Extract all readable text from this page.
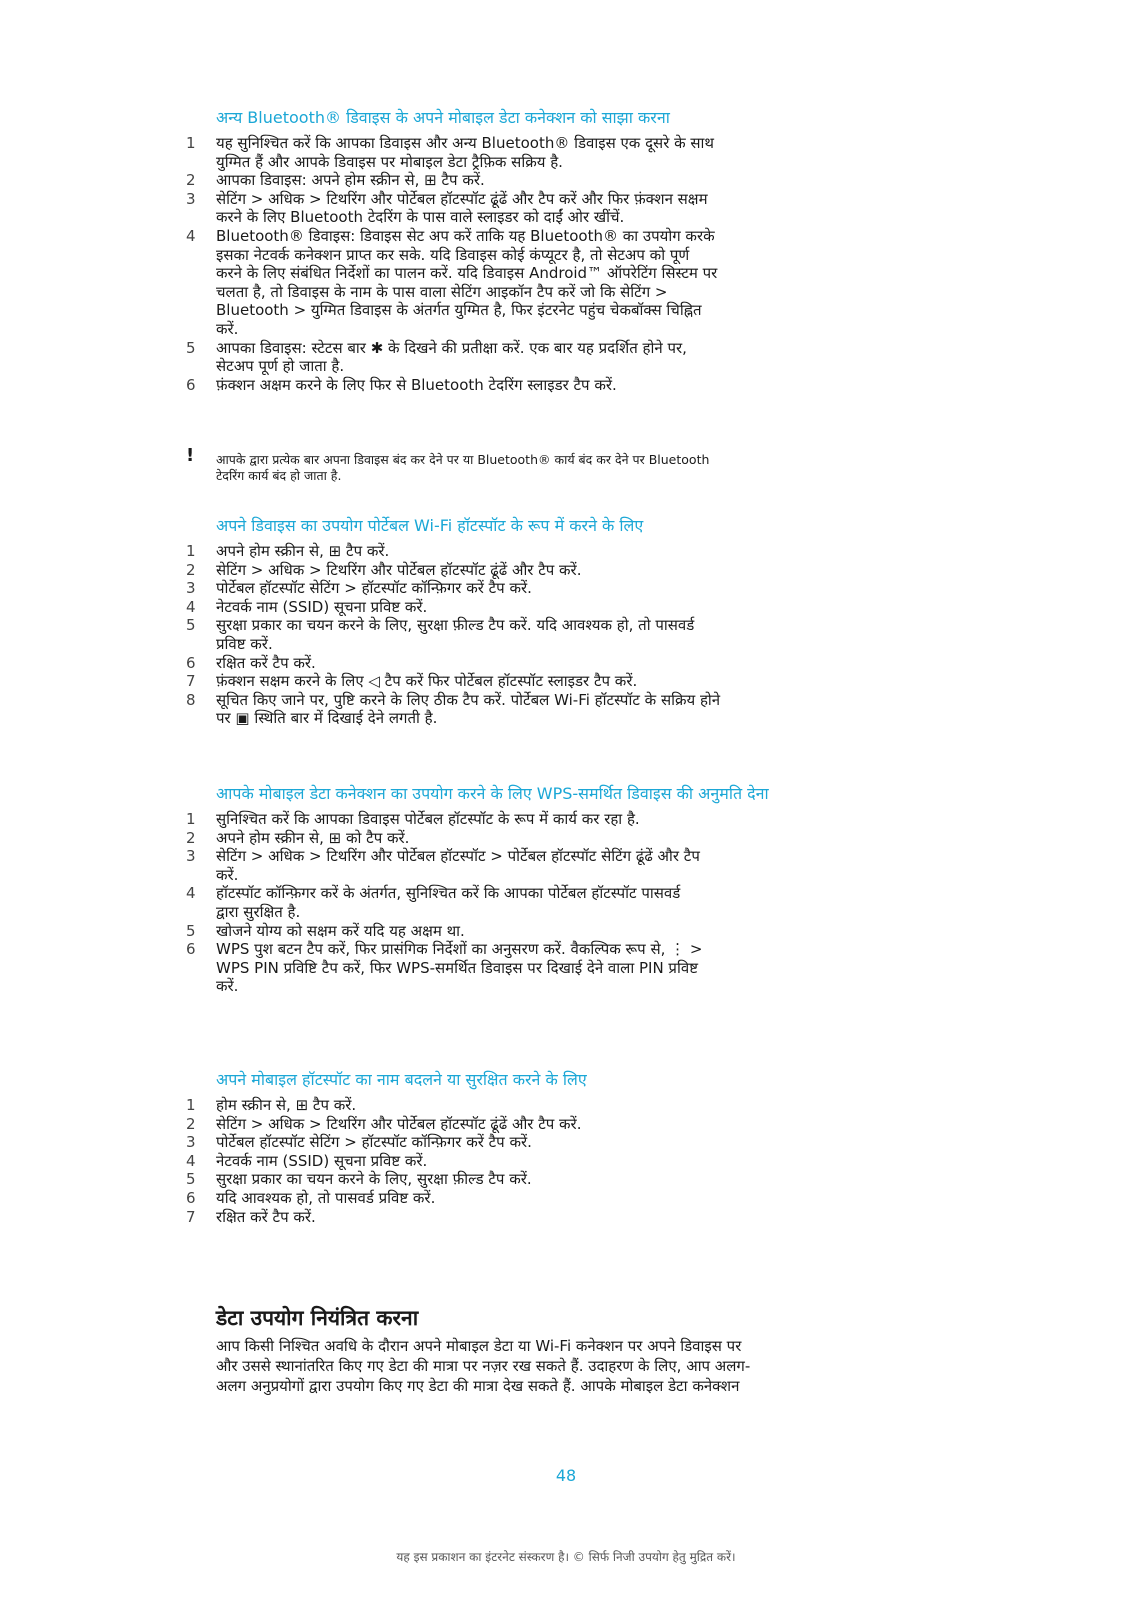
अन्य Bluetooth® डिवाइस के अपने मोबाइल डेटा कनेक्शन को साझा करना
1	यह सुनिश्चित करें कि आपका डिवाइस और अन्य Bluetooth® डिवाइस एक दूसरे के साथ
युग्मित हैं और आपके डिवाइस पर मोबाइल डेटा ट्रैफ़िक सक्रिय है.
2	आपका डिवाइस: अपने होम स्क्रीन से, ⊞ टैप करें.
3	सेटिंग > अधिक > टिथरिंग और पोर्टेबल हॉटस्पॉट ढूंढें और टैप करें और फिर फ़ंक्शन सक्षम
करने के लिए Bluetooth टेदरिंग के पास वाले स्लाइडर को दाईं ओर खींचें.
4	Bluetooth® डिवाइस: डिवाइस सेट अप करें ताकि यह Bluetooth® का उपयोग करके
इसका नेटवर्क कनेक्शन प्राप्त कर सके. यदि डिवाइस कोई कंप्यूटर है, तो सेटअप को पूर्ण
करने के लिए संबंधित निर्देशों का पालन करें. यदि डिवाइस Android™ ऑपरेटिंग सिस्टम पर
चलता है, तो डिवाइस के नाम के पास वाला सेटिंग आइकॉन टैप करें जो कि सेटिंग >
Bluetooth > युग्मित डिवाइस के अंतर्गत युग्मित है, फिर इंटरनेट पहुंच चेकबॉक्स चिह्नित
करें.
5	आपका डिवाइस: स्टेटस बार ✱ के दिखने की प्रतीक्षा करें. एक बार यह प्रदर्शित होने पर,
सेटअप पूर्ण हो जाता है.
6	फ़ंक्शन अक्षम करने के लिए फिर से Bluetooth टेदरिंग स्लाइडर टैप करें.
! आपके द्वारा प्रत्येक बार अपना डिवाइस बंद कर देने पर या Bluetooth® कार्य बंद कर देने पर Bluetooth
टेदरिंग कार्य बंद हो जाता है.
अपने डिवाइस का उपयोग पोर्टेबल Wi-Fi हॉटस्पॉट के रूप में करने के लिए
1	अपने होम स्क्रीन से, ⊞ टैप करें.
2	सेटिंग > अधिक > टिथरिंग और पोर्टेबल हॉटस्पॉट ढूंढें और टैप करें.
3	पोर्टेबल हॉटस्पॉट सेटिंग > हॉटस्पॉट कॉन्फ़िगर करें टैप करें.
4	नेटवर्क नाम (SSID) सूचना प्रविष्ट करें.
5	सुरक्षा प्रकार का चयन करने के लिए, सुरक्षा फ़ील्ड टैप करें. यदि आवश्यक हो, तो पासवर्ड
प्रविष्ट करें.
6	रक्षित करें टैप करें.
7	फ़ंक्शन सक्षम करने के लिए ◁ टैप करें फिर पोर्टेबल हॉटस्पॉट स्लाइडर टैप करें.
8	सूचित किए जाने पर, पुष्टि करने के लिए ठीक टैप करें. पोर्टेबल Wi-Fi हॉटस्पॉट के सक्रिय होने
पर ▣ स्थिति बार में दिखाई देने लगती है.
आपके मोबाइल डेटा कनेक्शन का उपयोग करने के लिए WPS-समर्थित डिवाइस की अनुमति देना
1	सुनिश्चित करें कि आपका डिवाइस पोर्टेबल हॉटस्पॉट के रूप में कार्य कर रहा है.
2	अपने होम स्क्रीन से, ⊞ को टैप करें.
3	सेटिंग > अधिक > टिथरिंग और पोर्टेबल हॉटस्पॉट > पोर्टेबल हॉटस्पॉट सेटिंग ढूंढें और टैप
करें.
4	हॉटस्पॉट कॉन्फ़िगर करें के अंतर्गत, सुनिश्चित करें कि आपका पोर्टेबल हॉटस्पॉट पासवर्ड
द्वारा सुरक्षित है.
5	खोजने योग्य को सक्षम करें यदि यह अक्षम था.
6	WPS पुश बटन टैप करें, फिर प्रासंगिक निर्देशों का अनुसरण करें. वैकल्पिक रूप से, ⋮ >
WPS PIN प्रविष्टि टैप करें, फिर WPS-समर्थित डिवाइस पर दिखाई देने वाला PIN प्रविष्ट
करें.
अपने मोबाइल हॉटस्पॉट का नाम बदलने या सुरक्षित करने के लिए
1	होम स्क्रीन से, ⊞ टैप करें.
2	सेटिंग > अधिक > टिथरिंग और पोर्टेबल हॉटस्पॉट ढूंढें और टैप करें.
3	पोर्टेबल हॉटस्पॉट सेटिंग > हॉटस्पॉट कॉन्फ़िगर करें टैप करें.
4	नेटवर्क नाम (SSID) सूचना प्रविष्ट करें.
5	सुरक्षा प्रकार का चयन करने के लिए, सुरक्षा फ़ील्ड टैप करें.
6	यदि आवश्यक हो, तो पासवर्ड प्रविष्ट करें.
7	रक्षित करें टैप करें.
डेटा उपयोग नियंत्रित करना
आप किसी निश्चित अवधि के दौरान अपने मोबाइल डेटा या Wi-Fi कनेक्शन पर अपने डिवाइस पर
और उससे स्थानांतरित किए गए डेटा की मात्रा पर नज़र रख सकते हैं. उदाहरण के लिए, आप अलग-
अलग अनुप्रयोगों द्वारा उपयोग किए गए डेटा की मात्रा देख सकते हैं. आपके मोबाइल डेटा कनेक्शन
48
यह इस प्रकाशन का इंटरनेट संस्करण है। © सिर्फ निजी उपयोग हेतु मुद्रित करें।
